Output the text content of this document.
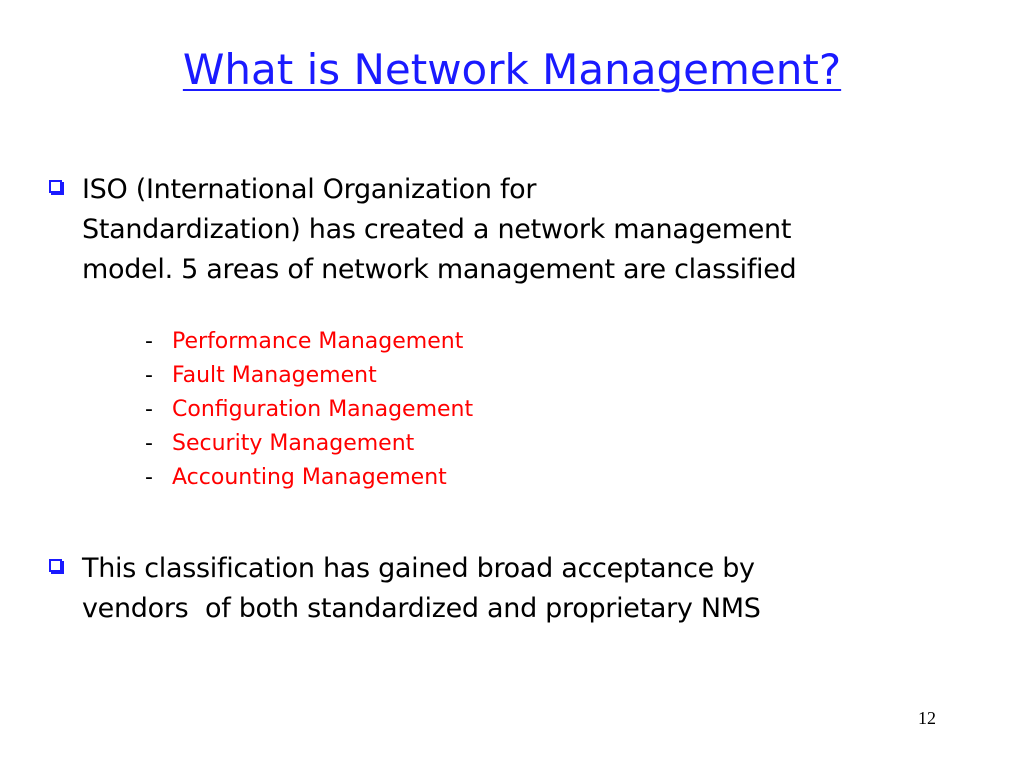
What is Network Management?
ISO (International Organization for
Standardization) has created a network management
model. 5 areas of network management are classified
- Performance Management
- Fault Management
- Configuration Management
- Security Management
- Accounting Management
This classification has gained broad acceptance by
vendors  of both standardized and proprietary NMS
12
